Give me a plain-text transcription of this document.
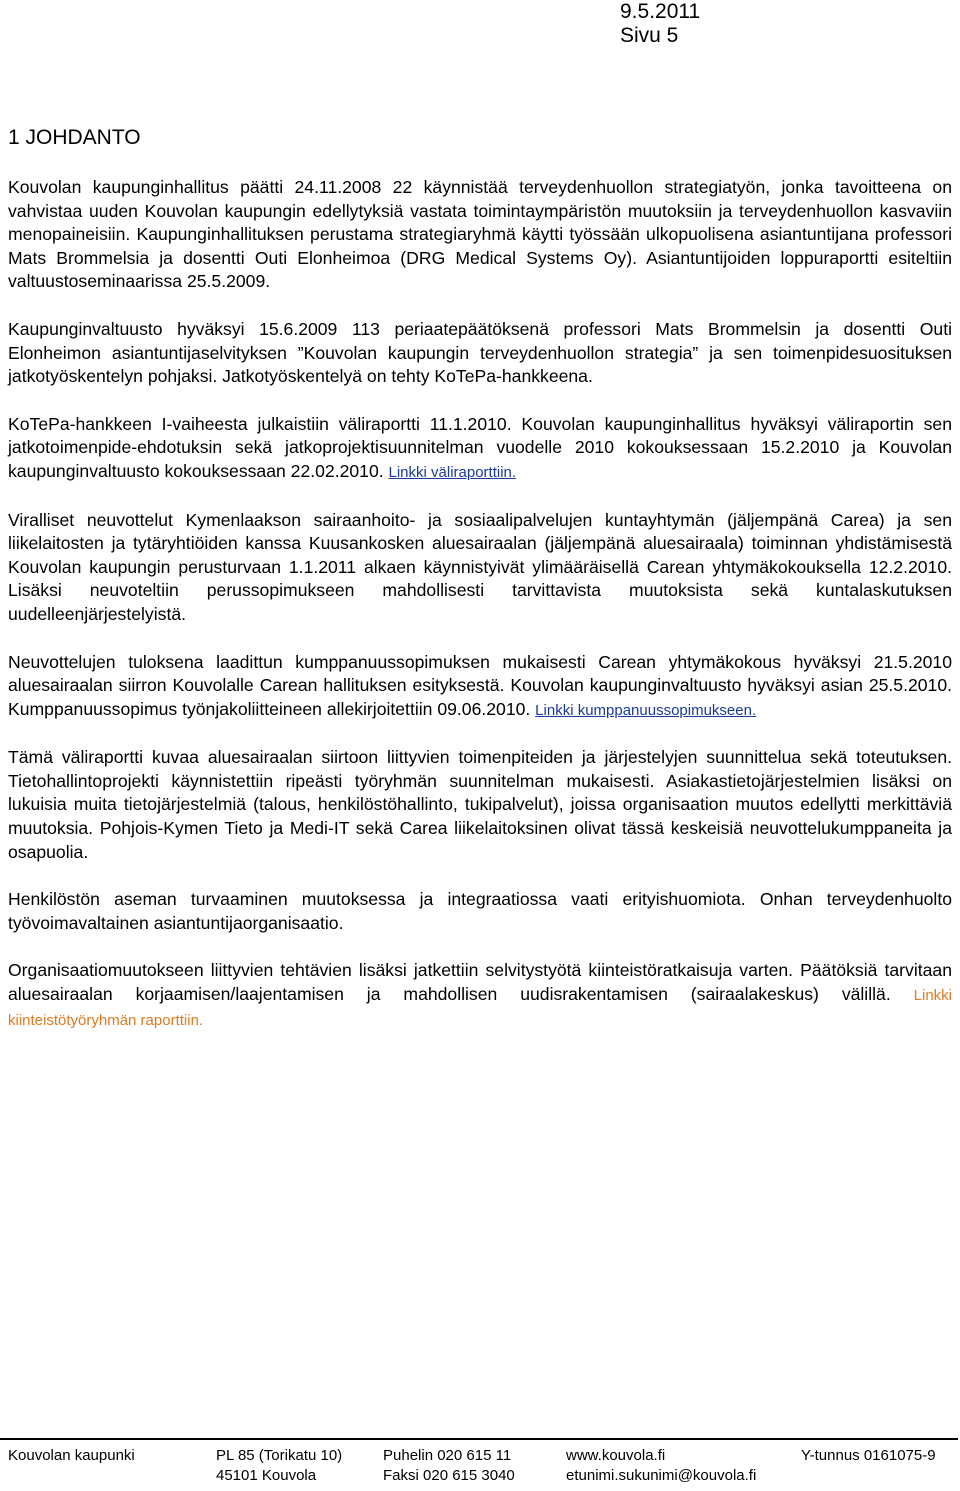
9.5.2011
Sivu 5
1 JOHDANTO

Kouvolan kaupunginhallitus päätti 24.11.2008 22 käynnistää terveydenhuollon strategiatyön, jonka tavoitteena on vahvistaa uuden Kouvolan kaupungin edellytyksiä vastata toimintaympäristön muutoksiin ja terveydenhuollon kasvaviin menopaineisiin. Kaupunginhallituksen perustama strategiaryhmä käytti työssään ulkopuolisena asiantuntijana professori Mats Brommelsia ja dosentti Outi Elonheimoa (DRG Medical Systems Oy). Asiantuntijoiden loppuraportti esiteltiin valtuustoseminaarissa 25.5.2009.

Kaupunginvaltuusto hyväksyi 15.6.2009 113 periaatepäätöksenä professori Mats Brommelsin ja dosentti Outi Elonheimon asiantuntijaselvityksen ”Kouvolan kaupungin terveydenhuollon strategia” ja sen toimenpidesuosituksen jatkotyöskentelyn pohjaksi. Jatkotyöskentelyä on tehty KoTePa-hankkeena.

KoTePa-hankkeen I-vaiheesta julkaistiin väliraportti 11.1.2010. Kouvolan kaupunginhallitus hyväksyi väliraportin sen jatkotoimenpide-ehdotuksin sekä jatkoprojektisuunnitelman vuodelle 2010 kokouksessaan 15.2.2010 ja Kouvolan kaupunginvaltuusto kokouksessaan 22.02.2010. Linkki väliraporttiin.

Viralliset neuvottelut Kymenlaakson sairaanhoito- ja sosiaalipalvelujen kuntayhtymän (jäljempänä Carea) ja sen liikelaitosten ja tytäryhtiöiden kanssa Kuusankosken aluesairaalan (jäljempänä aluesairaala) toiminnan yhdistämisestä Kouvolan kaupungin perusturvaan 1.1.2011 alkaen käynnistyivät ylimääräisellä Carean yhtymäkokouksella 12.2.2010. Lisäksi neuvoteltiin perussopimukseen mahdollisesti tarvittavista muutoksista sekä kuntalaskutuksen uudelleenjärjestelyistä.

Neuvottelujen tuloksena laadittun kumppanuussopimuksen mukaisesti Carean yhtymäkokous hyväksyi 21.5.2010 aluesairaalan siirron Kouvolalle Carean hallituksen esityksestä. Kouvolan kaupunginvaltuusto hyväksyi asian 25.5.2010. Kumppanuussopimus työnjakoliitteineen allekirjoitettiin 09.06.2010. Linkki kumppanuussopimukseen.

Tämä väliraportti kuvaa aluesairaalan siirtoon liittyvien toimenpiteiden ja järjestelyjen suunnittelua sekä toteutuksen. Tietohallintoprojekti käynnistettiin ripeästi työryhmän suunnitelman mukaisesti. Asiakastietojärjestelmien lisäksi on lukuisia muita tietojärjestelmiä (talous, henkilöstöhallinto, tukipalvelut), joissa organisaation muutos edellytti merkittäviä muutoksia. Pohjois-Kymen Tieto ja Medi-IT sekä Carea liikelaitoksinen olivat tässä keskeisiä neuvottelukumppaneita ja osapuolia.

Henkilöstön aseman turvaaminen muutoksessa ja integraatiossa vaati erityishuomiota. Onhan terveydenhuolto työvoimavaltainen asiantuntijaorganisaatio.

Organisaatiomuutokseen liittyvien tehtävien lisäksi jatkettiin selvitystyötä kiinteistöratkaisuja varten. Päätöksiä tarvitaan aluesairaalan korjaamisen/laajentamisen ja mahdollisen uudisrakentamisen (sairaalakeskus) välillä. Linkki kiinteistötyöryhmän raporttiin.

Kouvolan kaupunki	PL 85 (Torikatu 10)
45101 Kouvola
Puhelin 020 615 11
Faksi 020 615 3040
www.kouvola.fi
etunimi.sukunimi@kouvola.fi
Y-tunnus 0161075-9
